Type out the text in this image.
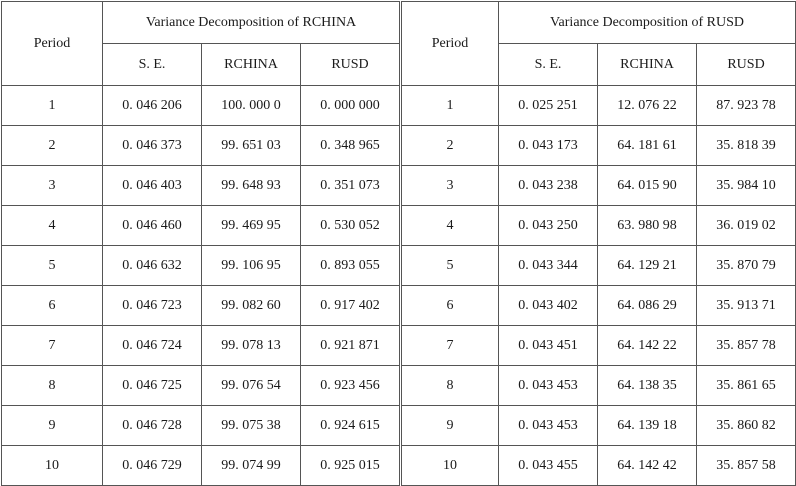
Period	Variance Decomposition of RCHINA			Period	Variance Decomposition of RUSD		
	S. E.	RCHINA	RUSD		S. E.	RCHINA	RUSD
1	0. 046 206	100. 000 0	0. 000 000	1	0. 025 251	12. 076 22	87. 923 78
2	0. 046 373	99. 651 03	0. 348 965	2	0. 043 173	64. 181 61	35. 818 39
3	0. 046 403	99. 648 93	0. 351 073	3	0. 043 238	64. 015 90	35. 984 10
4	0. 046 460	99. 469 95	0. 530 052	4	0. 043 250	63. 980 98	36. 019 02
5	0. 046 632	99. 106 95	0. 893 055	5	0. 043 344	64. 129 21	35. 870 79
6	0. 046 723	99. 082 60	0. 917 402	6	0. 043 402	64. 086 29	35. 913 71
7	0. 046 724	99. 078 13	0. 921 871	7	0. 043 451	64. 142 22	35. 857 78
8	0. 046 725	99. 076 54	0. 923 456	8	0. 043 453	64. 138 35	35. 861 65
9	0. 046 728	99. 075 38	0. 924 615	9	0. 043 453	64. 139 18	35. 860 82
10	0. 046 729	99. 074 99	0. 925 015	10	0. 043 455	64. 142 42	35. 857 58
